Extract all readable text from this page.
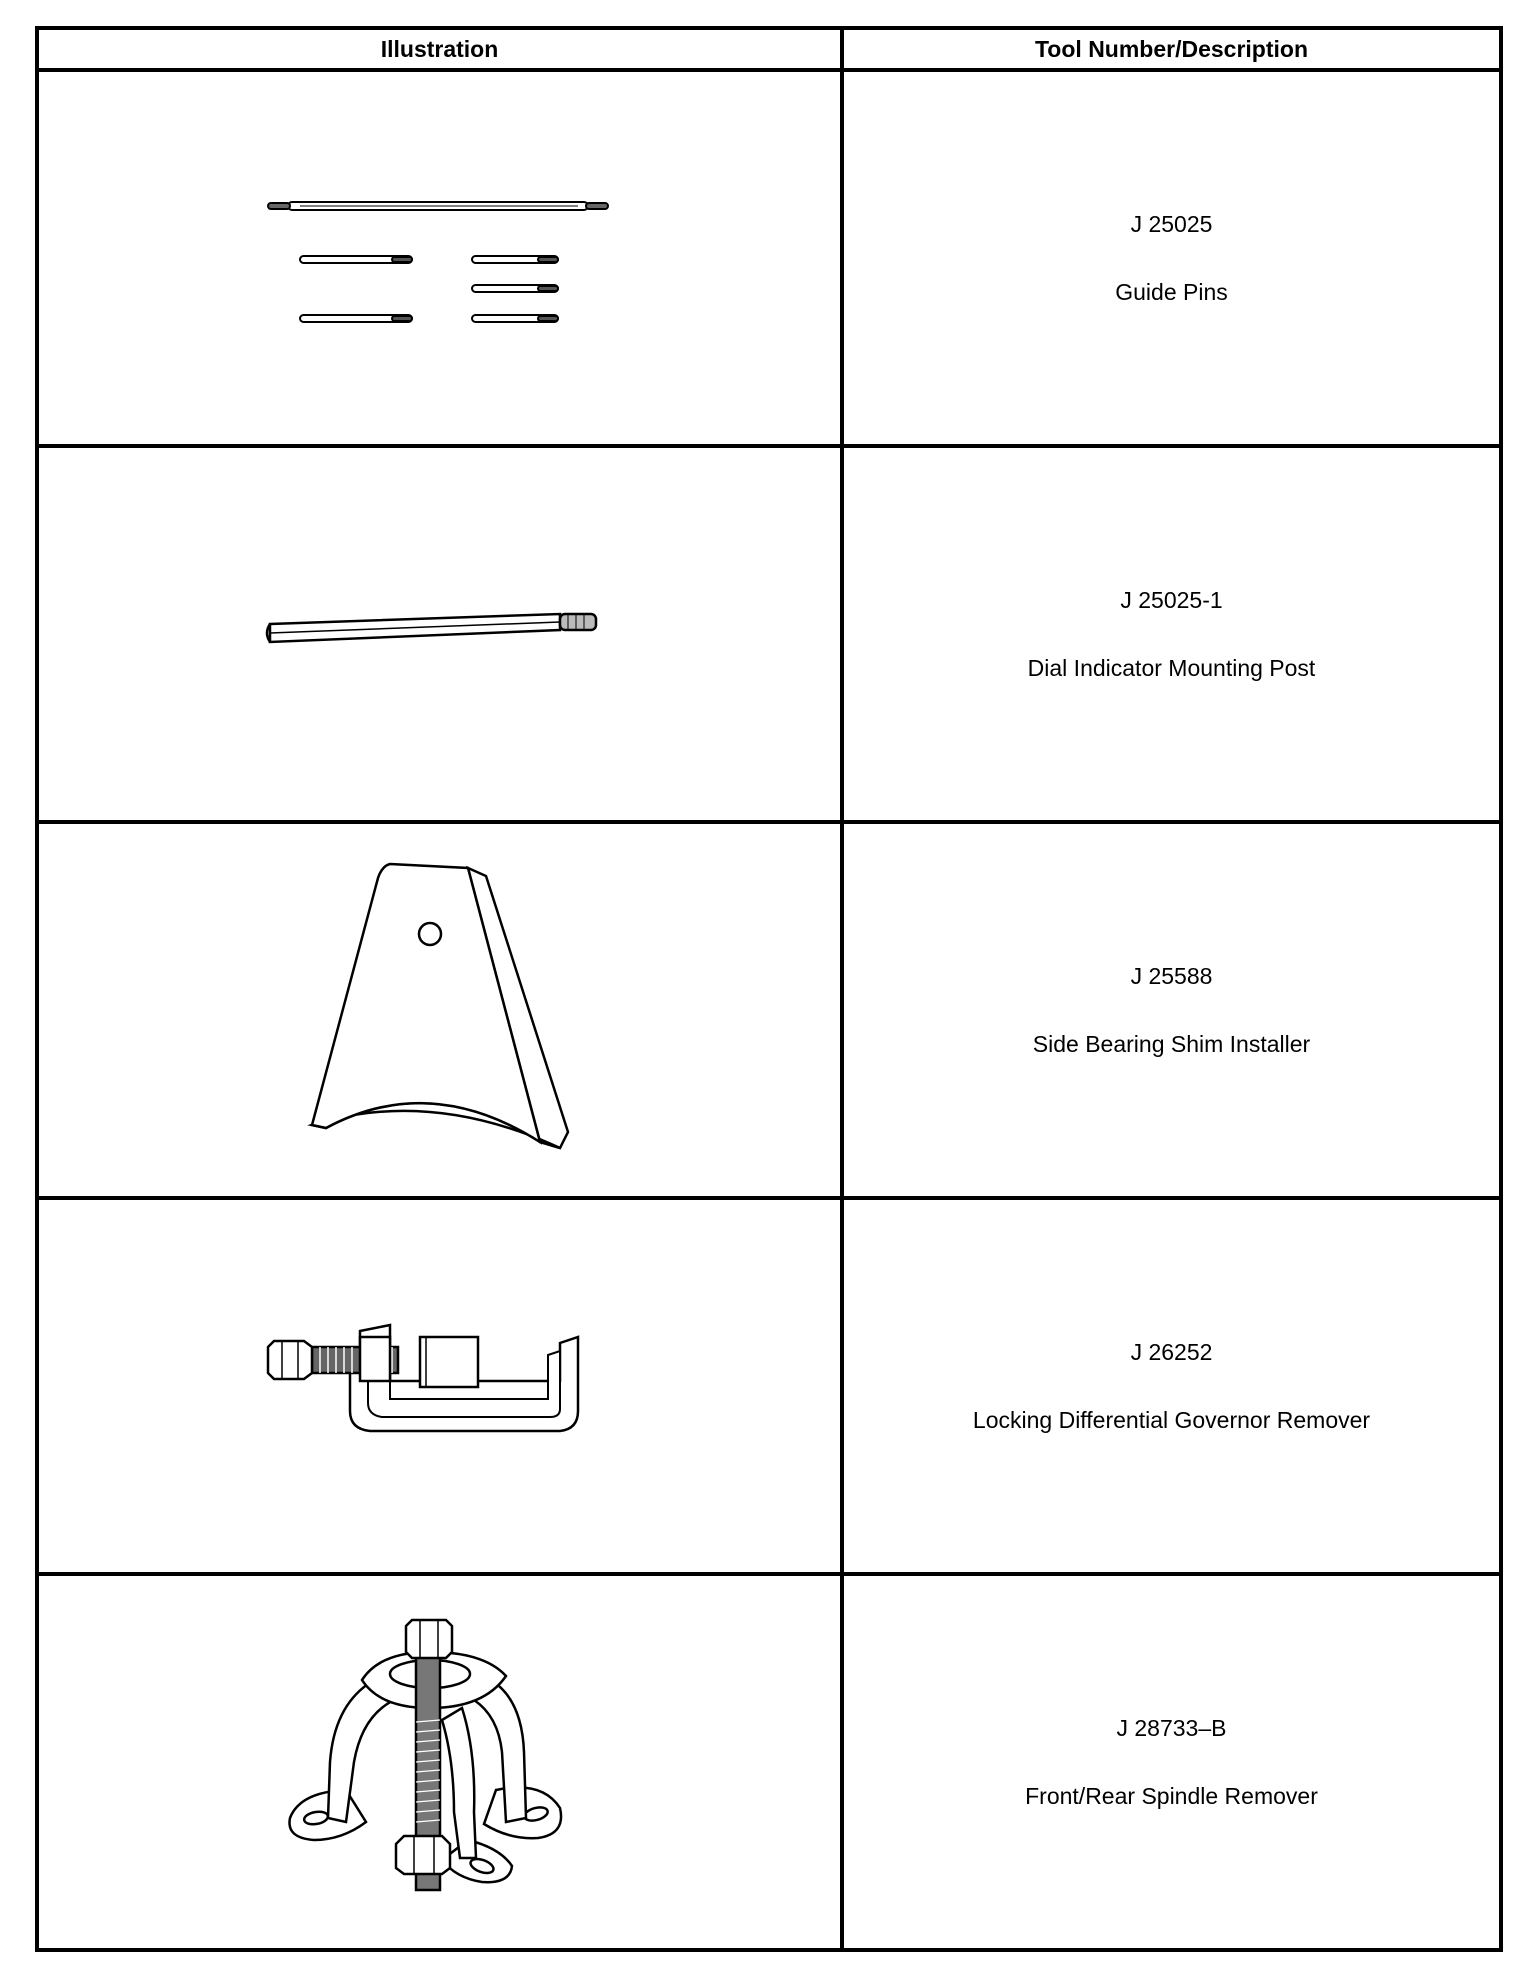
Illustration	Tool Number/Description

J 25025
Guide Pins

J 25025-1
Dial Indicator Mounting Post

J 25588
Side Bearing Shim Installer

J 26252
Locking Differential Governor Remover

J 28733–B
Front/Rear Spindle Remover
